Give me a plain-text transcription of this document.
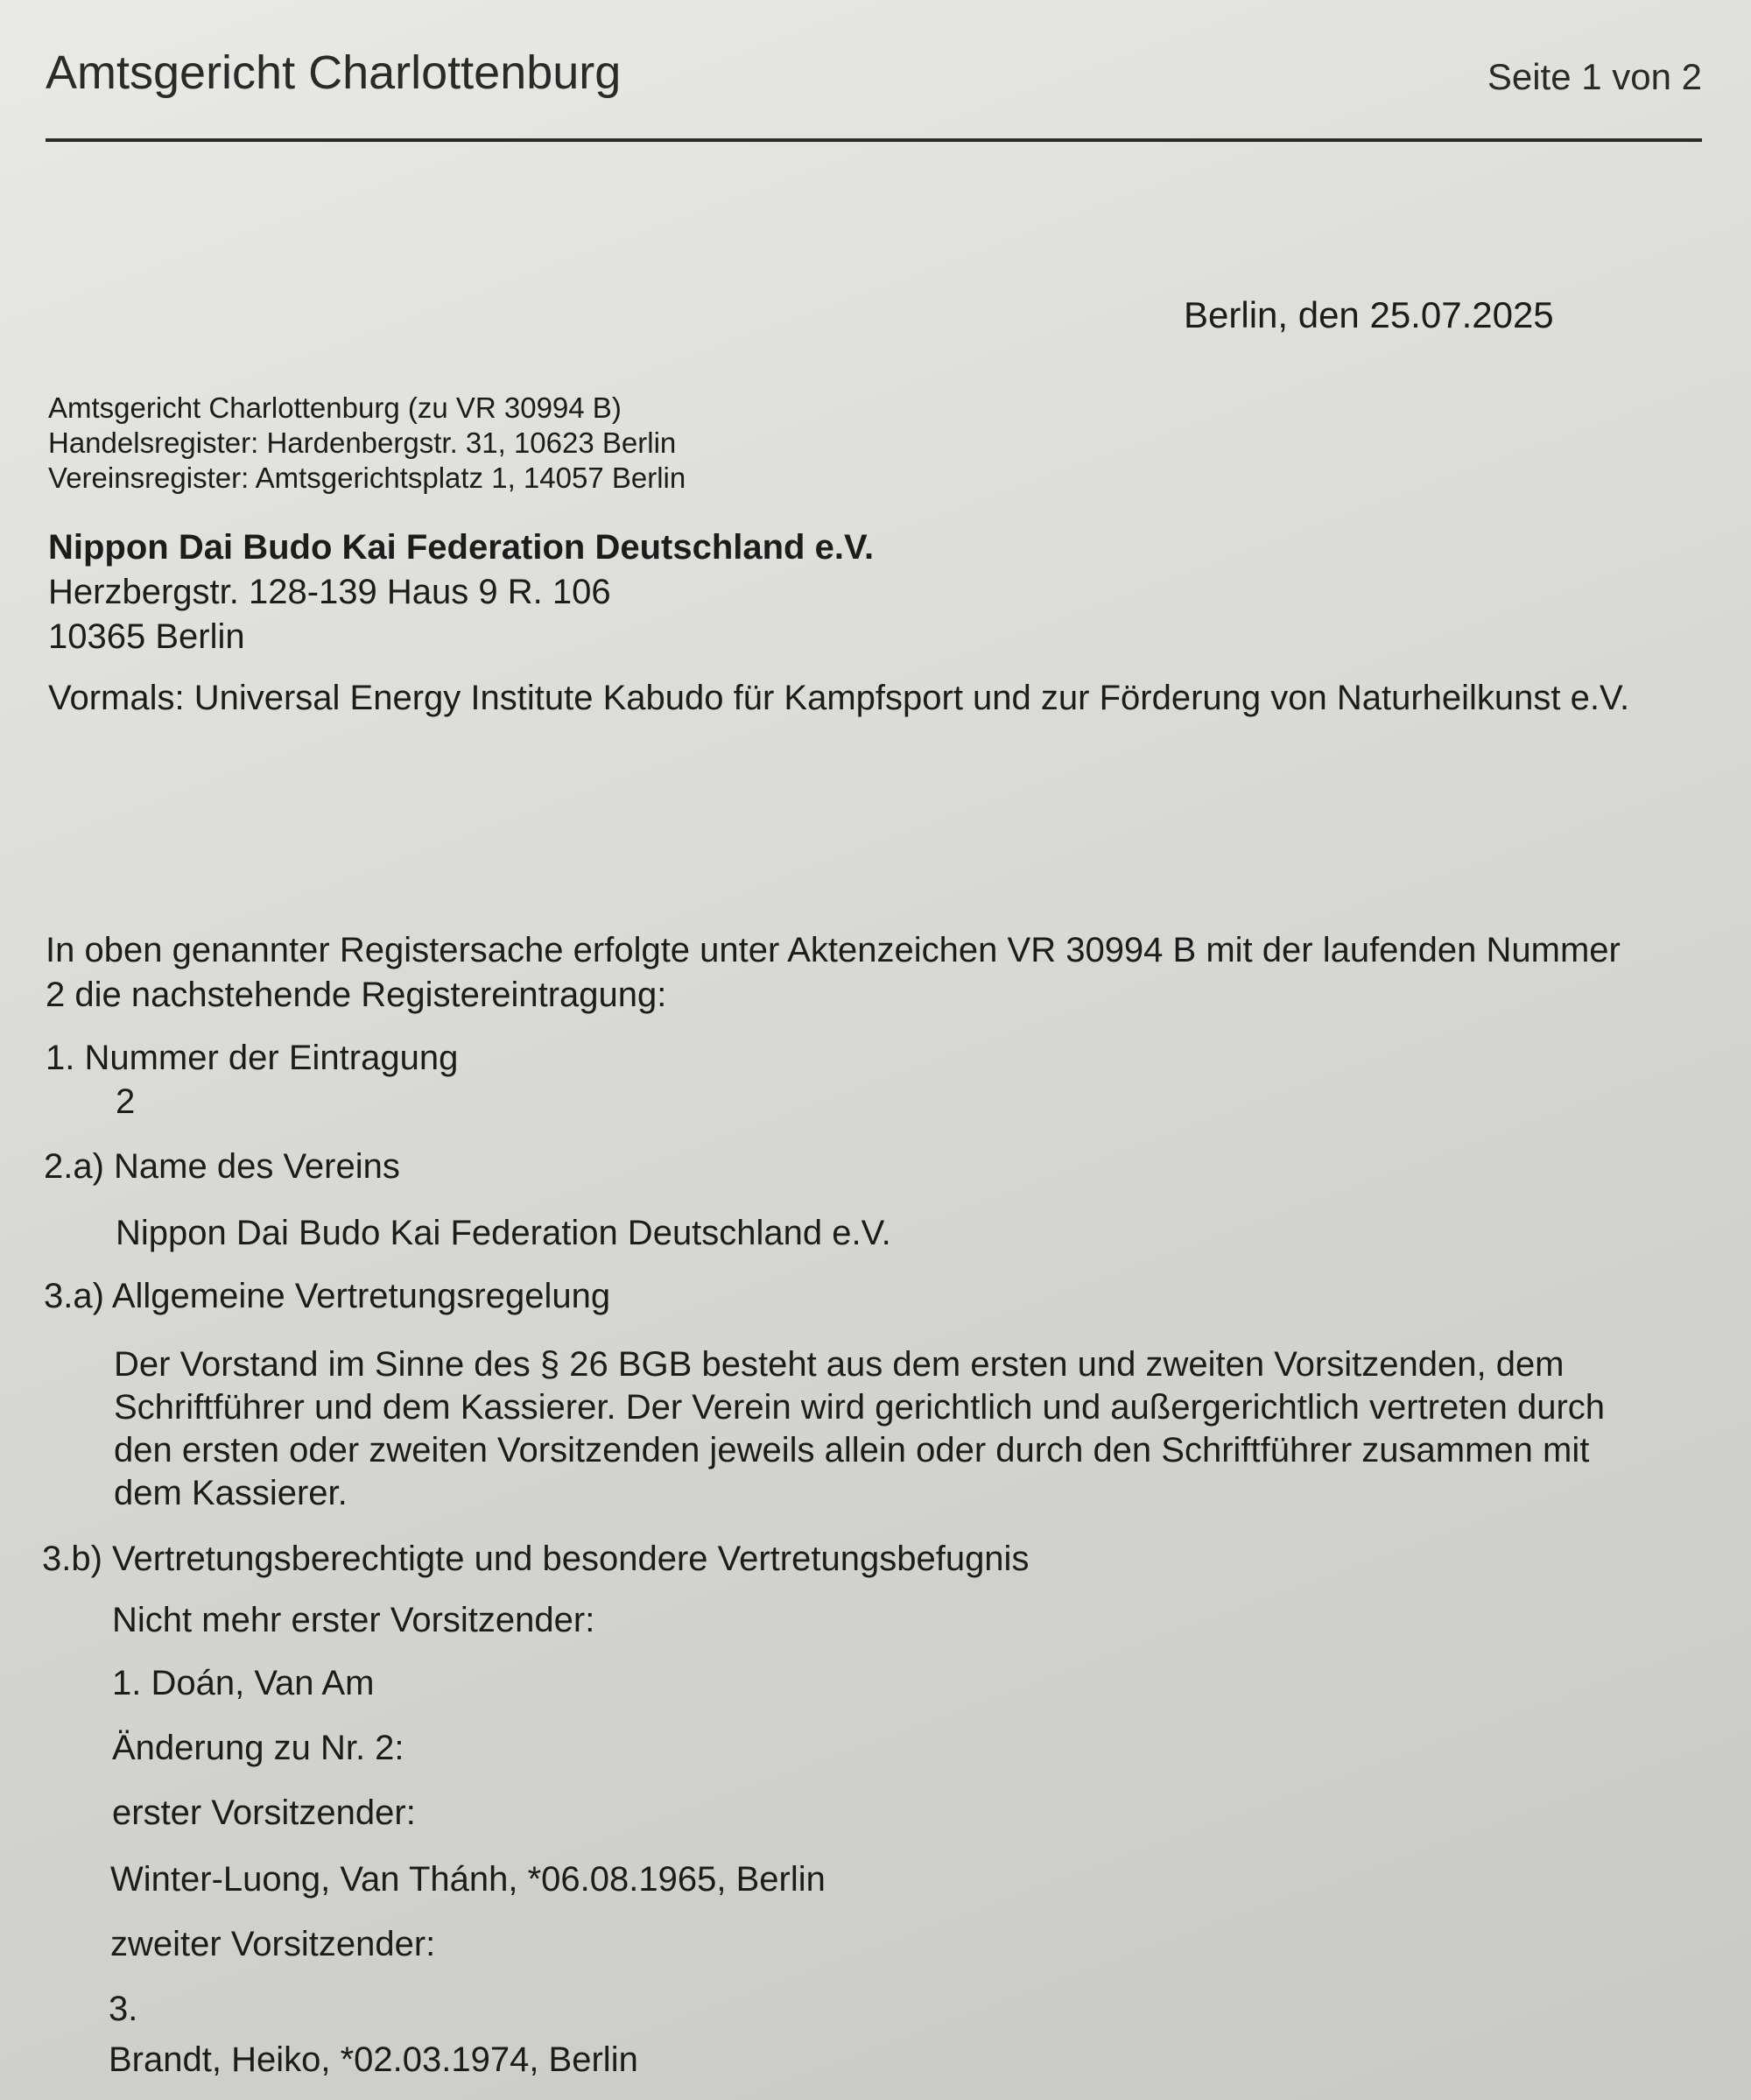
Amtsgericht Charlottenburg	Seite 1 von 2
Berlin, den 25.07.2025
Amtsgericht Charlottenburg (zu VR 30994 B)
Handelsregister: Hardenbergstr. 31, 10623 Berlin
Vereinsregister: Amtsgerichtsplatz 1, 14057 Berlin
Nippon Dai Budo Kai Federation Deutschland e.V.
Herzbergstr. 128-139 Haus 9 R. 106
10365 Berlin
Vormals: Universal Energy Institute Kabudo für Kampfsport und zur Förderung von Naturheilkunst e.V.
In oben genannter Registersache erfolgte unter Aktenzeichen VR 30994 B mit der laufenden Nummer
2 die nachstehende Registereintragung:
1. Nummer der Eintragung
2
2.a) Name des Vereins
Nippon Dai Budo Kai Federation Deutschland e.V.
3.a) Allgemeine Vertretungsregelung
Der Vorstand im Sinne des § 26 BGB besteht aus dem ersten und zweiten Vorsitzenden, dem
Schriftführer und dem Kassierer. Der Verein wird gerichtlich und außergerichtlich vertreten durch
den ersten oder zweiten Vorsitzenden jeweils allein oder durch den Schriftführer zusammen mit
dem Kassierer.
3.b) Vertretungsberechtigte und besondere Vertretungsbefugnis
Nicht mehr erster Vorsitzender:
1. Doán, Van Am
Änderung zu Nr. 2:
erster Vorsitzender:
Winter-Luong, Van Thánh, *06.08.1965, Berlin
zweiter Vorsitzender:
3.
Brandt, Heiko, *02.03.1974, Berlin
